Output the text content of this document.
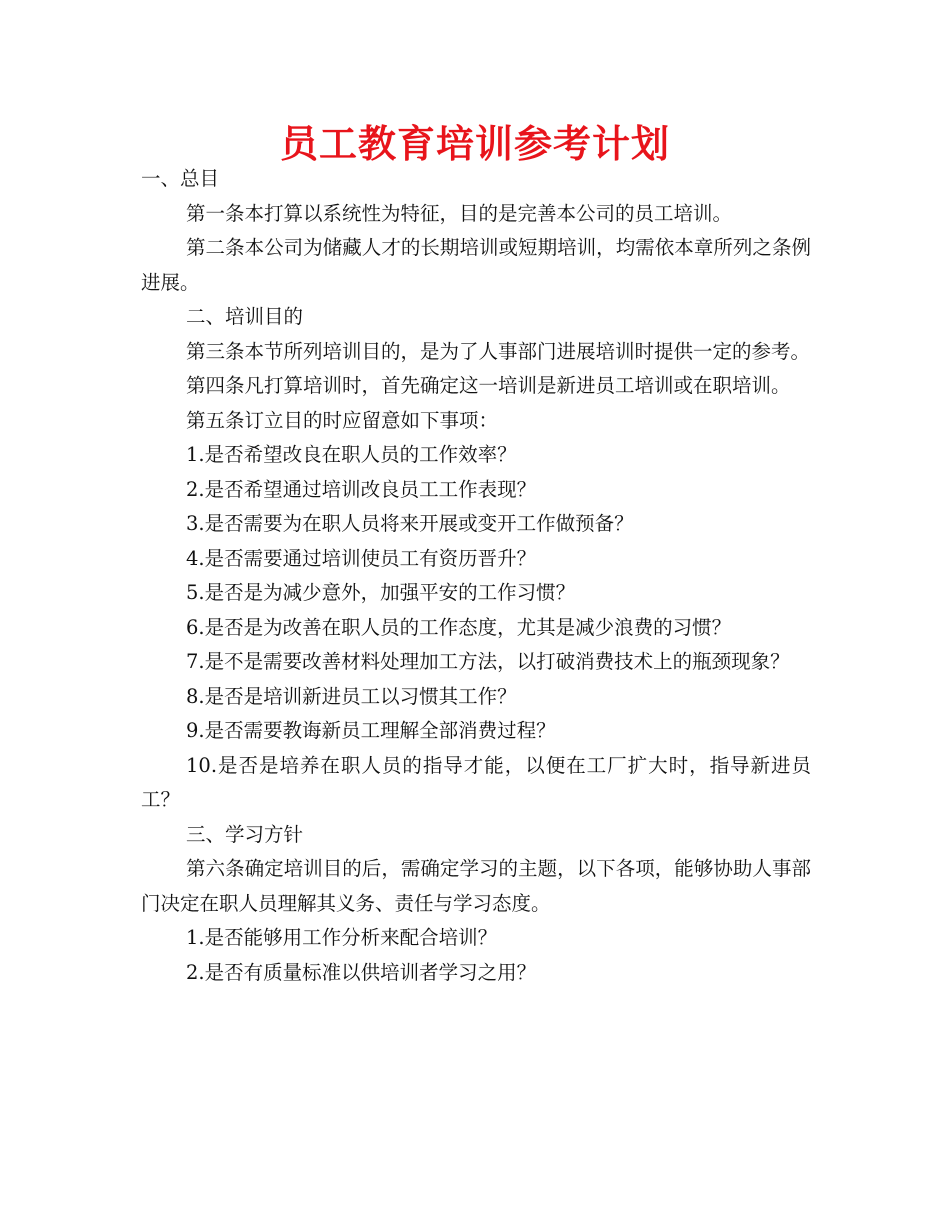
员工教育培训参考计划

一、总目

第一条本打算以系统性为特征，目的是完善本公司的员工培训。

第二条本公司为储藏人才的长期培训或短期培训，均需依本章所列之条例进展。

二、培训目的

第三条本节所列培训目的，是为了人事部门进展培训时提供一定的参考。

第四条凡打算培训时，首先确定这一培训是新进员工培训或在职培训。

第五条订立目的时应留意如下事项：

1.是否希望改良在职人员的工作效率？

2.是否希望通过培训改良员工工作表现？

3.是否需要为在职人员将来开展或变开工作做预备？

4.是否需要通过培训使员工有资历晋升？

5.是否是为减少意外，加强平安的工作习惯？

6.是否是为改善在职人员的工作态度，尤其是减少浪费的习惯？

7.是不是需要改善材料处理加工方法，以打破消费技术上的瓶颈现象？

8.是否是培训新进员工以习惯其工作？

9.是否需要教诲新员工理解全部消费过程？

10.是否是培养在职人员的指导才能，以便在工厂扩大时，指导新进员工？

三、学习方针

第六条确定培训目的后，需确定学习的主题，以下各项，能够协助人事部门决定在职人员理解其义务、责任与学习态度。

1.是否能够用工作分析来配合培训？

2.是否有质量标准以供培训者学习之用？
